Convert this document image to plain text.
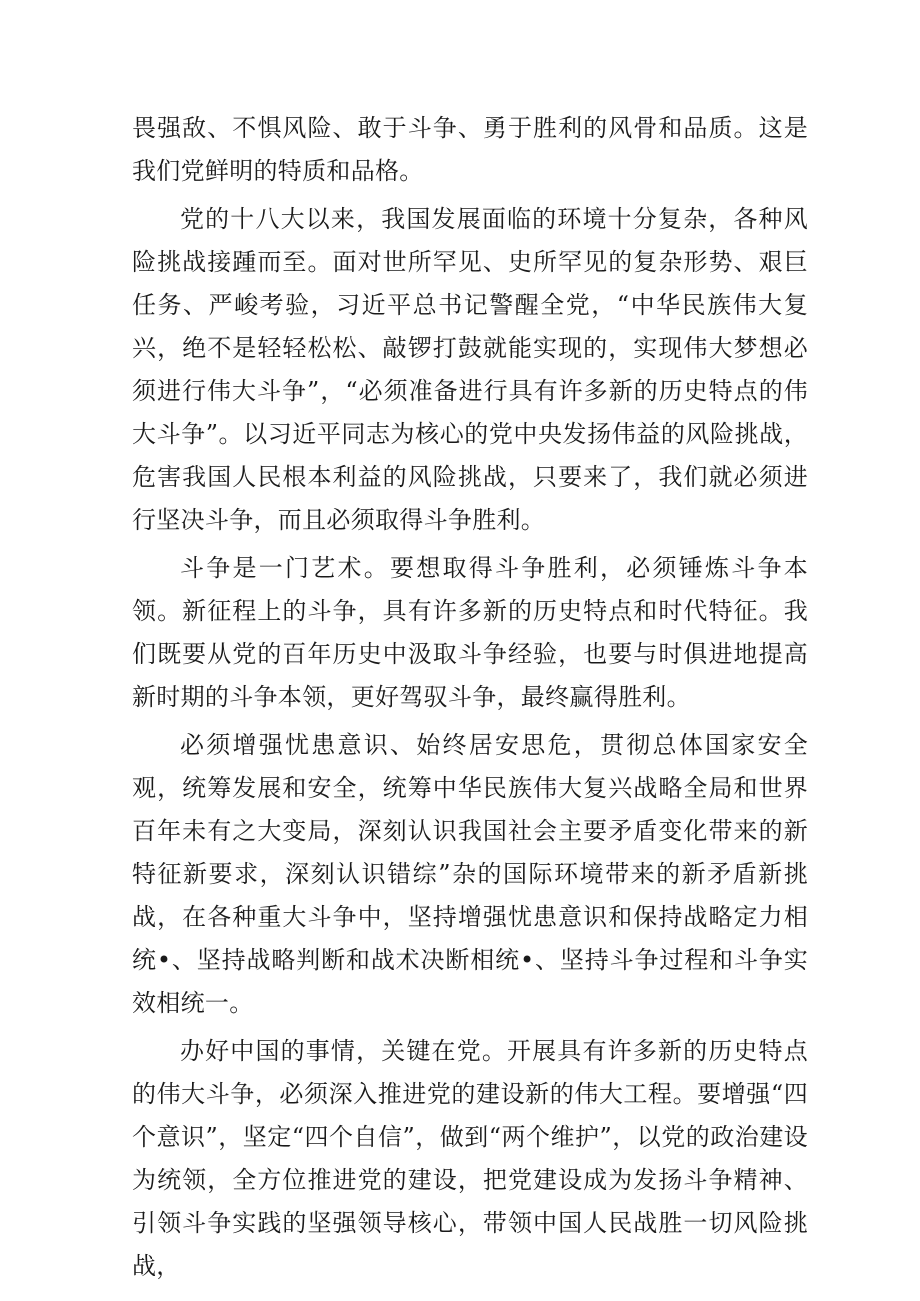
畏强敌、不惧风险、敢于斗争、勇于胜利的风骨和品质。这是我们党鲜明的特质和品格。

党的十八大以来，我国发展面临的环境十分复杂，各种风险挑战接踵而至。面对世所罕见、史所罕见的复杂形势、艰巨任务、严峻考验，习近平总书记警醒全党，“中华民族伟大复兴，绝不是轻轻松松、敲锣打鼓就能实现的，实现伟大梦想必须进行伟大斗争”，“必须准备进行具有许多新的历史特点的伟大斗争”。以习近平同志为核心的党中央发扬伟益的风险挑战，危害我国人民根本利益的风险挑战，只要来了，我们就必须进行坚决斗争，而且必须取得斗争胜利。

斗争是一门艺术。要想取得斗争胜利，必须锤炼斗争本领。新征程上的斗争，具有许多新的历史特点和时代特征。我们既要从党的百年历史中汲取斗争经验，也要与时俱进地提高新时期的斗争本领，更好驾驭斗争，最终赢得胜利。

必须增强忧患意识、始终居安思危，贯彻总体国家安全观，统筹发展和安全，统筹中华民族伟大复兴战略全局和世界百年未有之大变局，深刻认识我国社会主要矛盾变化带来的新特征新要求，深刻认识错综”杂的国际环境带来的新矛盾新挑战，在各种重大斗争中，坚持增强忧患意识和保持战略定力相统•、坚持战略判断和战术决断相统•、坚持斗争过程和斗争实效相统一。

办好中国的事情，关键在党。开展具有许多新的历史特点的伟大斗争，必须深入推进党的建设新的伟大工程。要增强“四个意识”，坚定“四个自信”，做到“两个维护”，以党的政治建设为统领，全方位推进党的建设，把党建设成为发扬斗争精神、引领斗争实践的坚强领导核心，带领中国人民战胜一切风险挑战，
